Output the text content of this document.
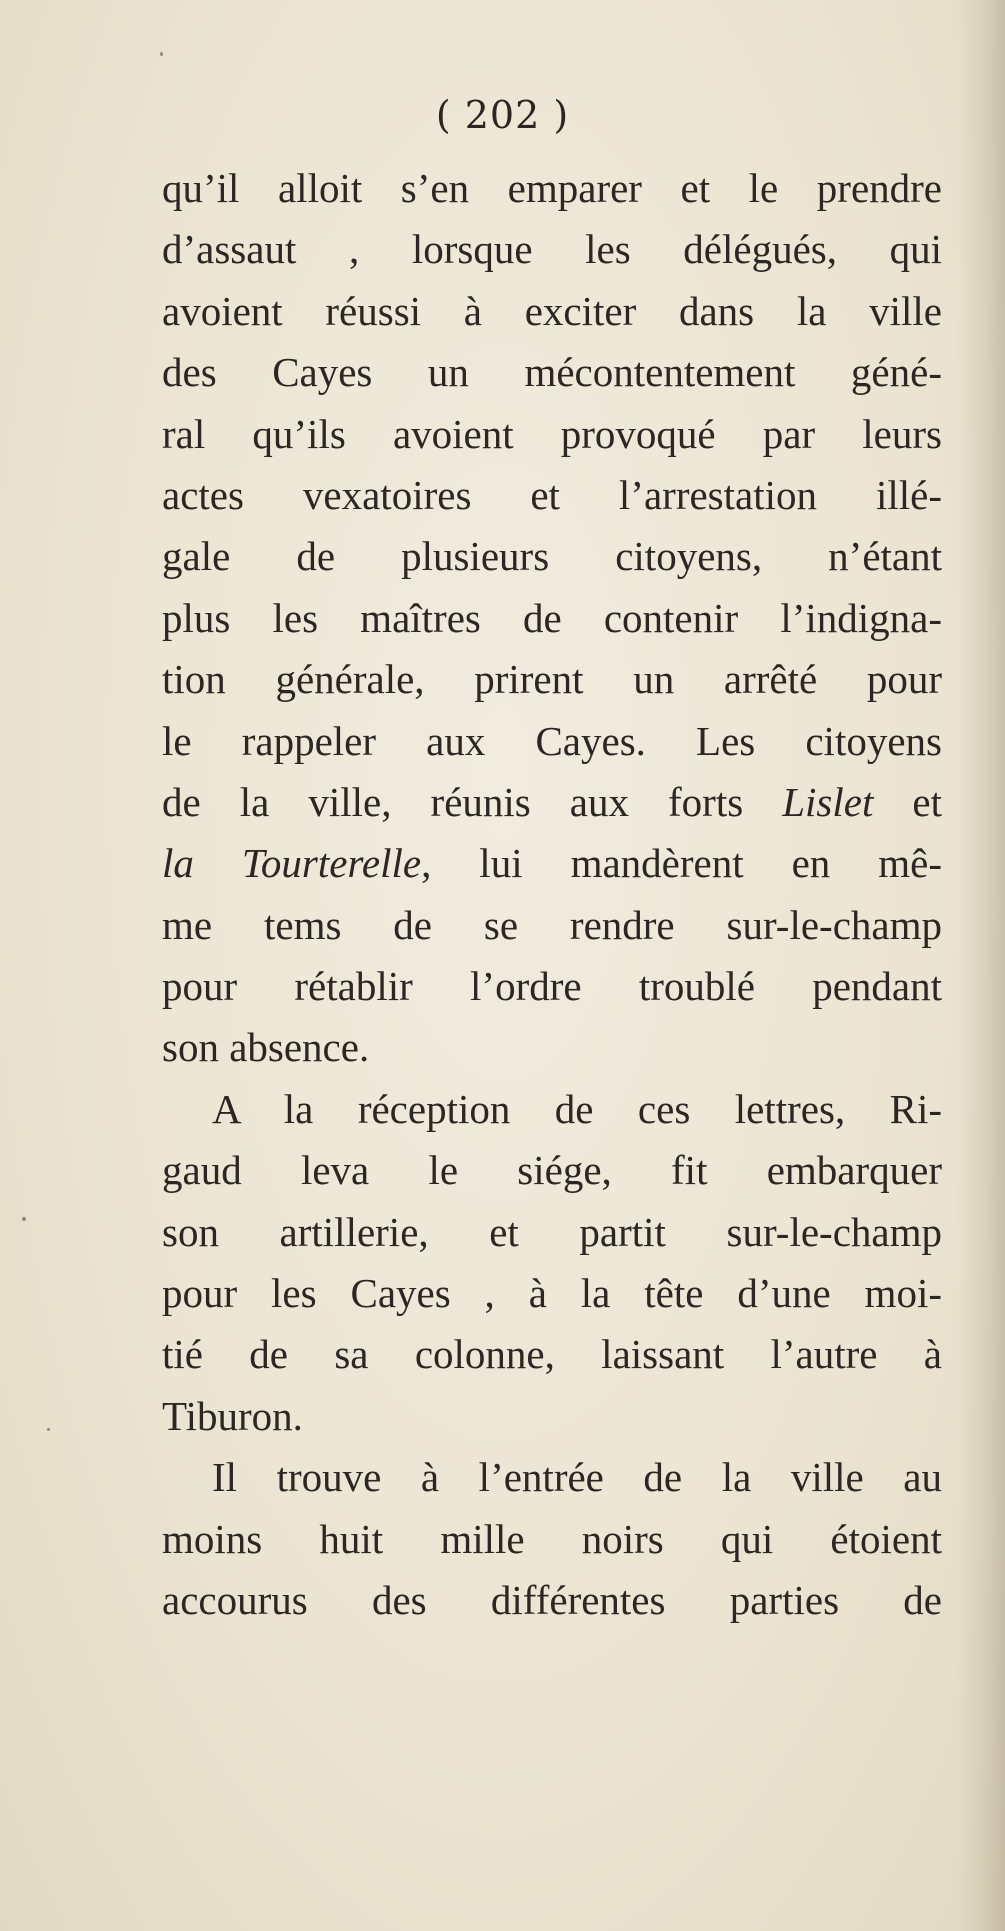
( 202 )
qu’il alloit s’en emparer et le prendre
d’assaut , lorsque les délégués, qui
avoient réussi à exciter dans la ville
des Cayes un mécontentement géné-
ral qu’ils avoient provoqué par leurs
actes vexatoires et l’arrestation illé-
gale de plusieurs citoyens, n’étant
plus les maîtres de contenir l’indigna-
tion générale, prirent un arrêté pour
le rappeler aux Cayes. Les citoyens
de la ville, réunis aux forts Lislet et
la Tourterelle, lui mandèrent en mê-
me tems de se rendre sur-le-champ
pour rétablir l’ordre troublé pendant
son absence.
A la réception de ces lettres, Ri-
gaud leva le siége, fit embarquer
son artillerie, et partit sur-le-champ
pour les Cayes , à la tête d’une moi-
tié de sa colonne, laissant l’autre à
Tiburon.
Il trouve à l’entrée de la ville au
moins huit mille noirs qui étoient
accourus des différentes parties de
